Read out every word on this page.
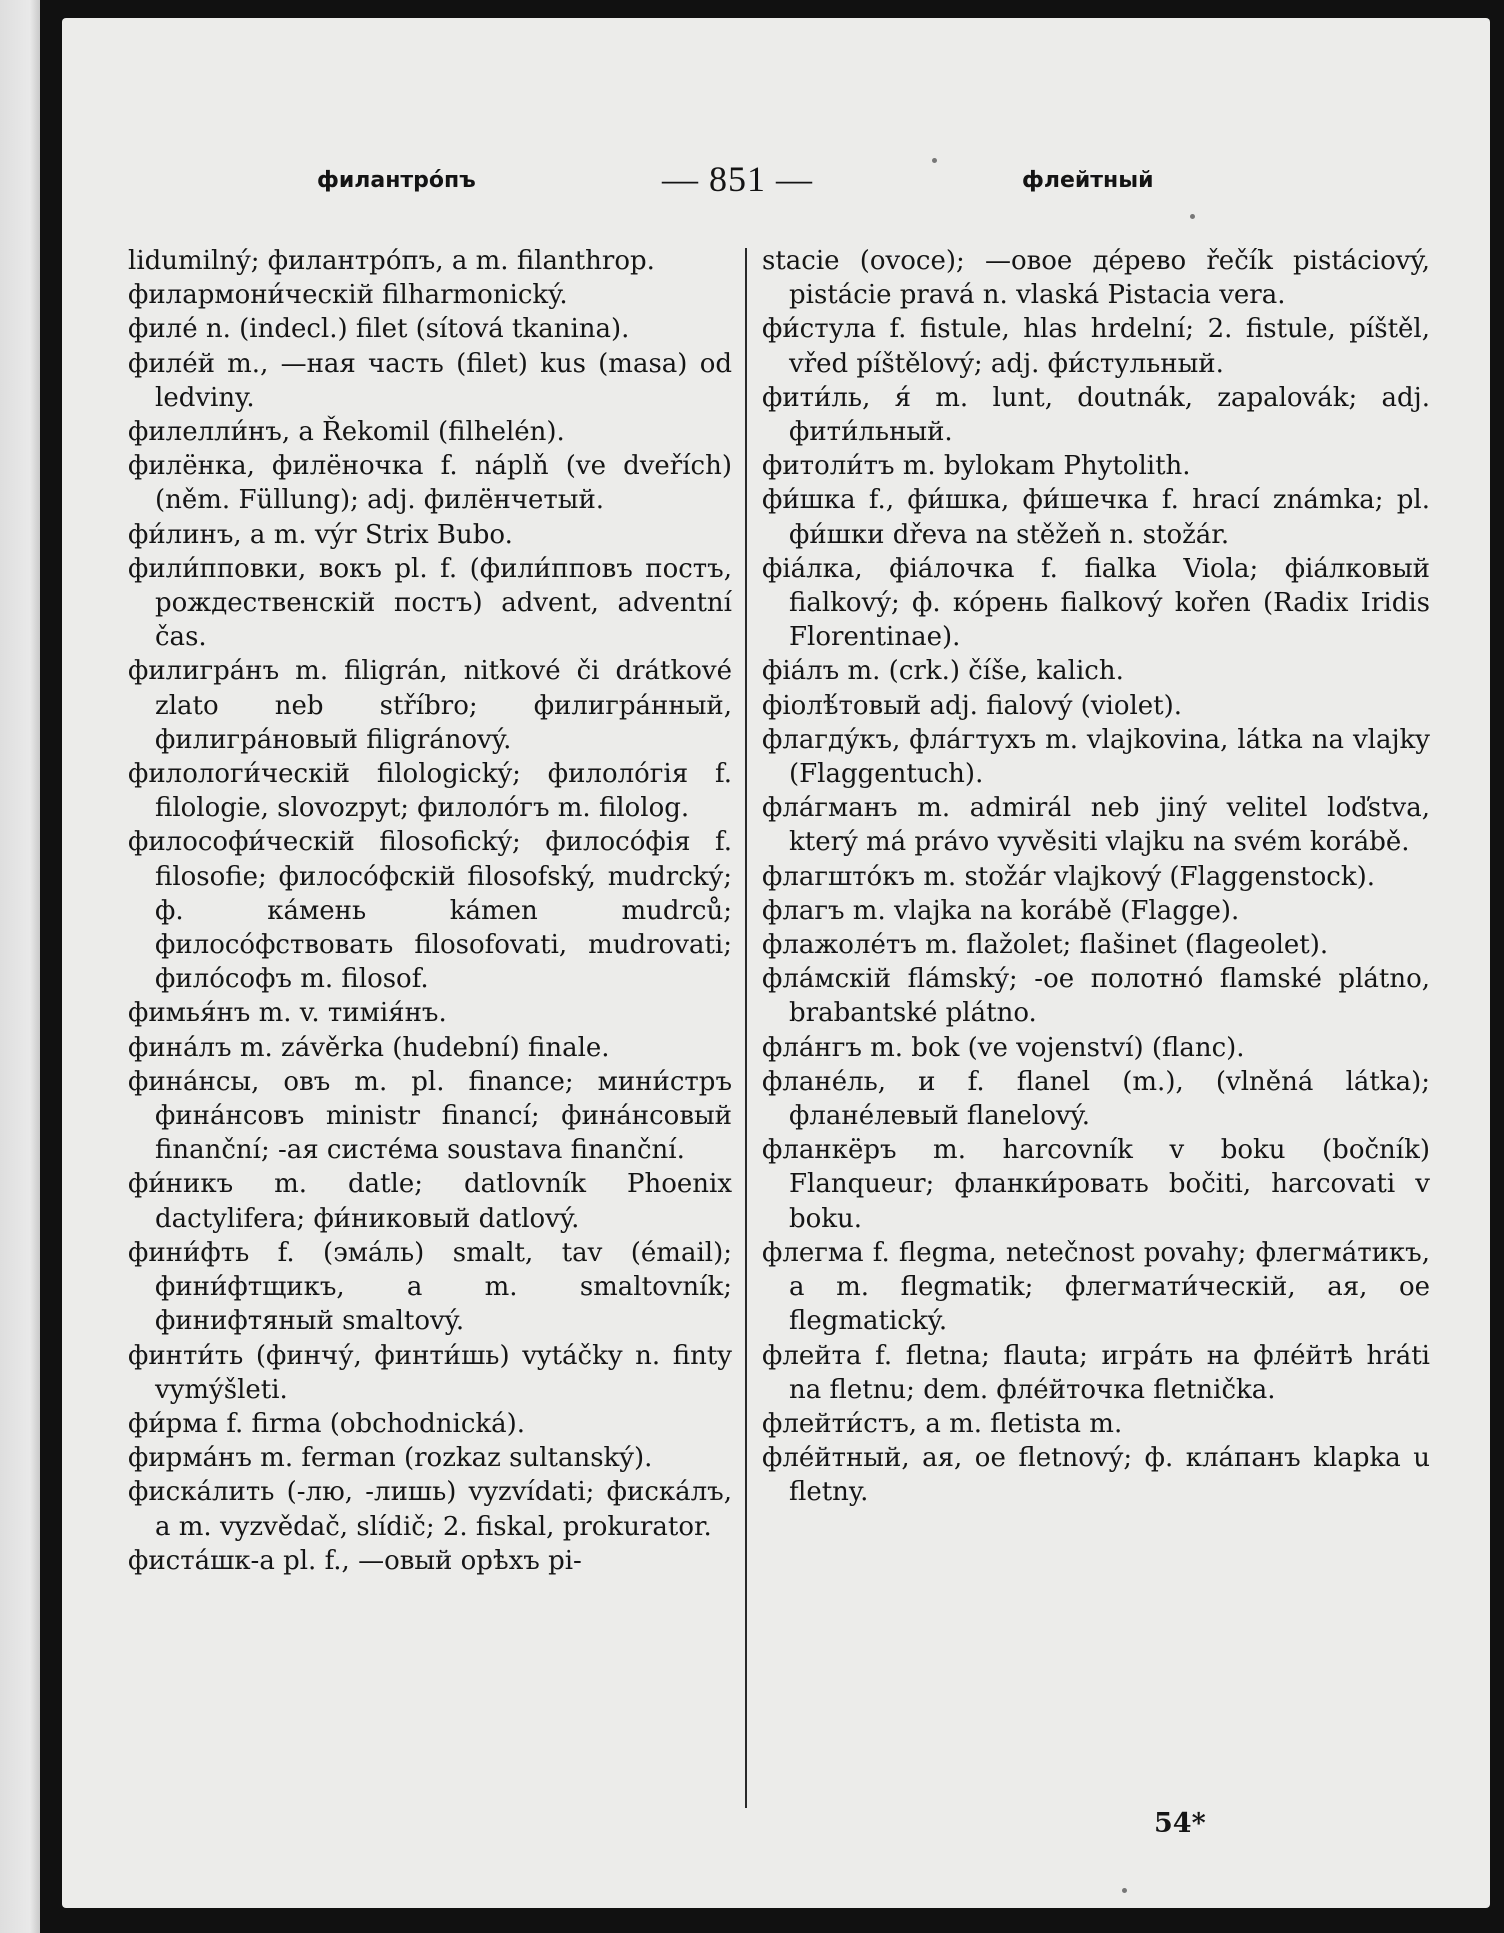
филантро́пъ	— 851 —	флейтный

lidumilný; филантро́пъ, a m. filanthrop.

филармони́ческій filharmonický.

филе́ n. (indecl.) filet (sítová tkanina).

филе́й m., —ная часть (filet) kus (masa) od ledviny.

филелли́нъ, a Řekomil (filhelén).

филёнка, филёночка f. náplň (ve dveřích) (něm. Füllung); adj. филёнчетый.

фи́линъ, a m. výr Strix Bubo.

фили́пповки, вокъ pl. f. (фили́пповъ постъ, рождественскій постъ) advent, adventní čas.

филигра́нъ m. filigrán, nitkové či drátkové zlato neb stříbro; филигра́нный, филигра́новый filigránový.

филологи́ческій filologický; филоло́гія f. filologie, slovozpyt; филоло́гъ m. filolog.

философи́ческій filosofický; филосо́фія f. filosofie; филосо́фскій filosofský, mudrcký; ф. ка́мень kámen mudrců; филосо́фствовать filosofovati, mudrovati; фило́софъ m. filosof.

фимья́нъ m. v. тимія́нъ.

фина́лъ m. závěrka (hudební) finale.

фина́нсы, овъ m. pl. finance; мини́стръ фина́нсовъ ministr financí; фина́нсовый finanční; -ая систе́ма soustava finanční.

фи́никъ m. datle; datlovník Phoenix dactylifera; фи́никовый datlový.

фини́фть f. (эма́ль) smalt, tav (émail); фини́фтщикъ, a m. smaltovník; финифтяный smaltový.

финти́ть (финчу́, финти́шь) vytáčky n. finty vymýšleti.

фи́рма f. firma (obchodnická).

фирма́нъ m. ferman (rozkaz sultanský).

фиска́лить (-лю, -лишь) vyzvídati; фиска́лъ, a m. vyzvědač, slídič; 2. fiskal, prokurator.

фиста́шк-а pl. f., —овый орѣхъ pi-

stacie (ovoce); —овое де́рево řečík pistáciový, pistácie pravá n. vlaská Pistacia vera.

фи́стула f. fistule, hlas hrdelní; 2. fistule, píštěl, vřed píštělový; adj. фи́стульный.

фити́ль, я́ m. lunt, doutnák, zapalovák; adj. фити́льный.

фитоли́тъ m. bylokam Phytolith.

фи́шка f., фи́шка, фи́шечка f. hrací známka; pl. фи́шки dřeva na stěžeň n. stožár.

фіа́лка, фіа́лочка f. fialka Viola; фіа́лковый fialkový; ф. ко́рень fialkový kořen (Radix Iridis Florentinae).

фіа́лъ m. (crk.) číše, kalich.

фіолѣ́товый adj. fialový (violet).

флагду́къ, фла́гтухъ m. vlajkovina, látka na vlajky (Flaggentuch).

фла́гманъ m. admirál neb jiný velitel loďstva, který má právo vyvěsiti vlajku na svém korábě.

флагшто́къ m. stožár vlajkový (Flaggenstock).

флагъ m. vlajka na korábě (Flagge).

флажоле́тъ m. flažolet; flašinet (flageolet).

фла́мскій flámský; -ое полотно́ flamské plátno, brabantské plátno.

фла́нгъ m. bok (ve vojenství) (flanc).

флане́ль, и f. flanel (m.), (vlněná látka); флане́левый flanelový.

фланкёръ m. harcovník v boku (bočník) Flanqueur; фланки́ровать bočiti, harcovati v boku.

флегма f. flegma, netečnost povahy; флегма́тикъ, a m. flegmatik; флегмати́ческій, ая, ое flegmatický.

флейта f. fletna; flauta; игра́ть на фле́йтѣ hráti na fletnu; dem. фле́йточка fletnička.

флейти́стъ, a m. fletista m.

фле́йтный, ая, ое fletnový; ф. кла́панъ klapka u fletny.

54*
